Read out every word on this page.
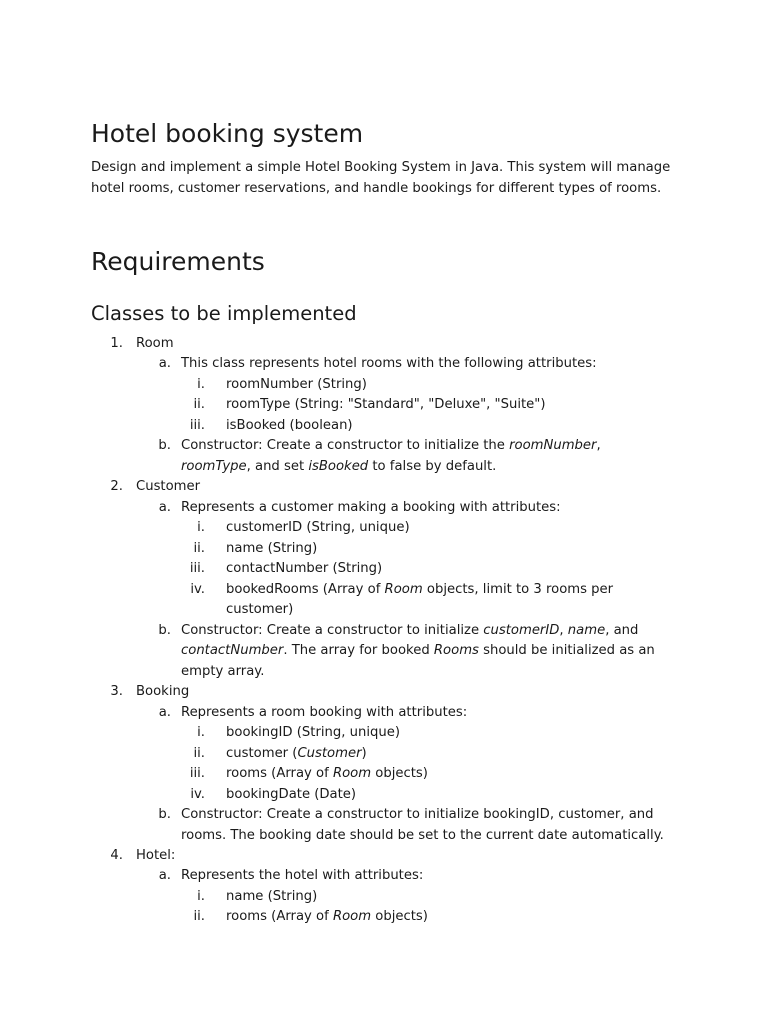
Hotel booking system

Design and implement a simple Hotel Booking System in Java. This system will manage
hotel rooms, customer reservations, and handle bookings for different types of rooms.

Requirements
Classes to be implemented
1. Room
a. This class represents hotel rooms with the following attributes:
i. roomNumber (String)
ii. roomType (String: "Standard", "Deluxe", "Suite")
iii. isBooked (boolean)
b. Constructor: Create a constructor to initialize the roomNumber,
roomType, and set isBooked to false by default.
2. Customer
a. Represents a customer making a booking with attributes:
i. customerID (String, unique)
ii. name (String)
iii. contactNumber (String)
iv. bookedRooms (Array of Room objects, limit to 3 rooms per
customer)
b. Constructor: Create a constructor to initialize customerID, name, and
contactNumber. The array for booked Rooms should be initialized as an
empty array.
3. Booking
a. Represents a room booking with attributes:
i. bookingID (String, unique)
ii. customer (Customer)
iii. rooms (Array of Room objects)
iv. bookingDate (Date)
b. Constructor: Create a constructor to initialize bookingID, customer, and
rooms. The booking date should be set to the current date automatically.
4. Hotel:
a. Represents the hotel with attributes:
i. name (String)
ii. rooms (Array of Room objects)
